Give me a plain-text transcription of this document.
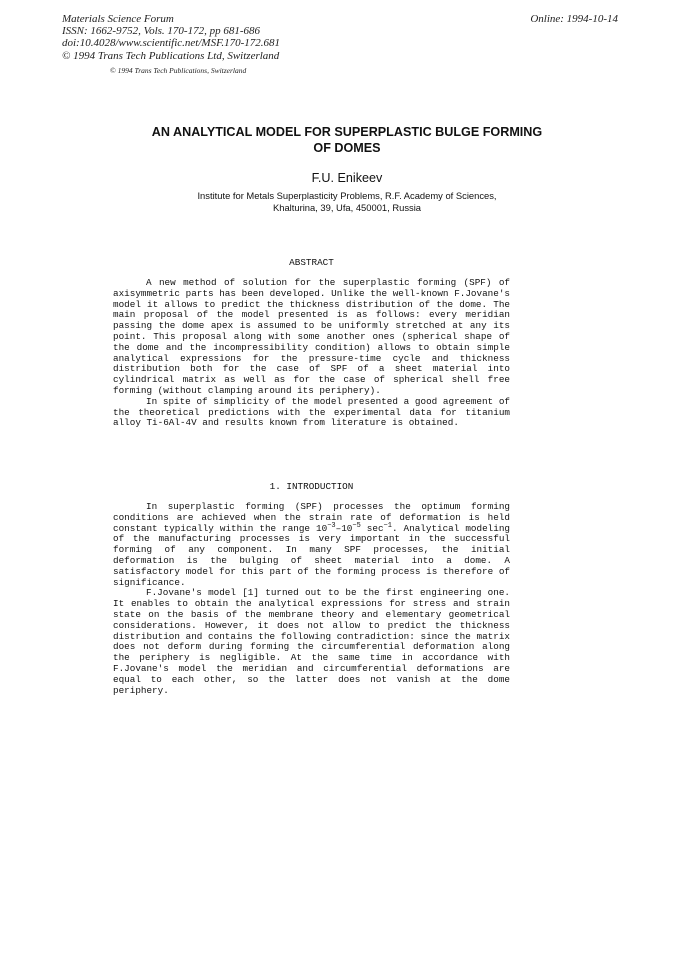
Materials Science Forum
ISSN: 1662-9752, Vols. 170-172, pp 681-686
doi:10.4028/www.scientific.net/MSF.170-172.681
© 1994 Trans Tech Publications Ltd, Switzerland
© 1994 Trans Tech Publications, Switzerland
Online: 1994-10-14
AN ANALYTICAL MODEL FOR SUPERPLASTIC BULGE FORMING
OF DOMES
F.U. Enikeev
Institute for Metals Superplasticity Problems, R.F. Academy of Sciences,
Khalturina, 39, Ufa, 450001, Russia
ABSTRACT

A new method of solution for the superplastic forming (SPF) of axisymmetric parts has been developed. Unlike the well-known F.Jovane's model it allows to predict the thickness distribution of the dome. The main proposal of the model presented is as follows: every meridian passing the dome apex is assumed to be uniformly stretched at any its point. This proposal along with some another ones (spherical shape of the dome and the incompressibility condition) allows to obtain simple analytical expressions for the pressure-time cycle and thickness distribution both for the case of SPF of a sheet material into cylindrical matrix as well as for the case of spherical shell free forming (without clamping around its periphery).

In spite of simplicity of the model presented a good agreement of the theoretical predictions with the experimental data for titanium alloy Ti-6Al-4V and results known from literature is obtained.

1. INTRODUCTION

In superplastic forming (SPF) processes the optimum forming conditions are achieved when the strain rate of deformation is held constant typically within the range $10^{-3}-10^{-5}$ $\sec^{-1}$. Analytical modeling of the manufacturing processes is very important in the successful forming of any component. In many SPF processes, the initial deformation is the bulging of sheet material into a dome. A satisfactory model for this part of the forming process is therefore of significance.

F.Jovane's model [1] turned out to be the first engineering one. It enables to obtain the analytical expressions for stress and strain state on the basis of the membrane theory and elementary geometrical considerations. However, it does not allow to predict the thickness distribution and contains the following contradiction: since the matrix does not deform during forming the circumferential deformation along the periphery is negligible. At the same time in accordance with F.Jovane's model the meridian and circumferential deformations are equal to each other, so the latter does not vanish at the dome periphery.
